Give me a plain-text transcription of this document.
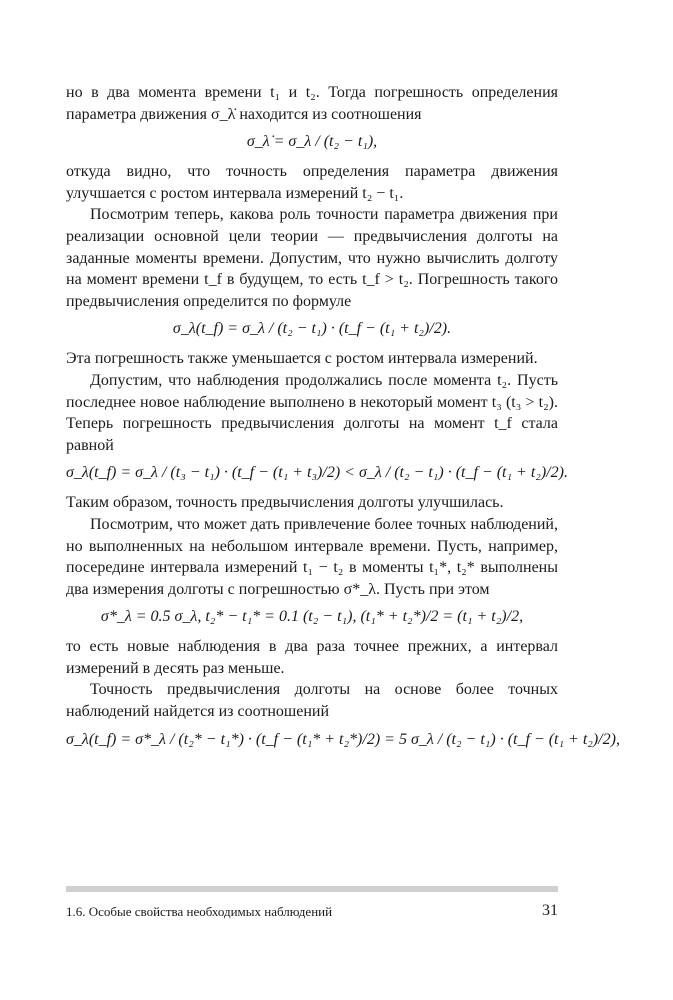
но в два момента времени t₁ и t₂. Тогда погрешность определения параметра движения σ_λ̇ находится из соотношения

σ_λ̇ = σ_λ / (t₂ − t₁),

откуда видно, что точность определения параметра движения улучшается с ростом интервала измерений t₂ − t₁.

Посмотрим теперь, какова роль точности параметра движения при реализации основной цели теории — предвычисления долготы на заданные моменты времени. Допустим, что нужно вычислить долготу на момент времени t_f в будущем, то есть t_f > t₂. Погрешность такого предвычисления определится по формуле

σ_λ(t_f) = σ_λ / (t₂ − t₁) · (t_f − (t₁ + t₂)/2).

Эта погрешность также уменьшается с ростом интервала измерений.

Допустим, что наблюдения продолжались после момента t₂. Пусть последнее новое наблюдение выполнено в некоторый момент t₃ (t₃ > t₂). Теперь погрешность предвычисления долготы на момент t_f стала равной

σ_λ(t_f) = σ_λ / (t₃ − t₁) · (t_f − (t₁ + t₃)/2) < σ_λ / (t₂ − t₁) · (t_f − (t₁ + t₂)/2).

Таким образом, точность предвычисления долготы улучшилась.

Посмотрим, что может дать привлечение более точных наблюдений, но выполненных на небольшом интервале времени. Пусть, например, посередине интервала измерений t₁ − t₂ в моменты t₁*, t₂* выполнены два измерения долготы с погрешностью σ*_λ. Пусть при этом

σ*_λ = 0.5 σ_λ, t₂* − t₁* = 0.1 (t₂ − t₁), (t₁* + t₂*)/2 = (t₁ + t₂)/2,

то есть новые наблюдения в два раза точнее прежних, а интервал измерений в десять раз меньше.

Точность предвычисления долготы на основе более точных наблюдений найдется из соотношений

σ_λ(t_f) = σ*_λ / (t₂* − t₁*) · (t_f − (t₁* + t₂*)/2) = 5 σ_λ / (t₂ − t₁) · (t_f − (t₁ + t₂)/2),
1.6. Особые свойства необходимых наблюдений	31
